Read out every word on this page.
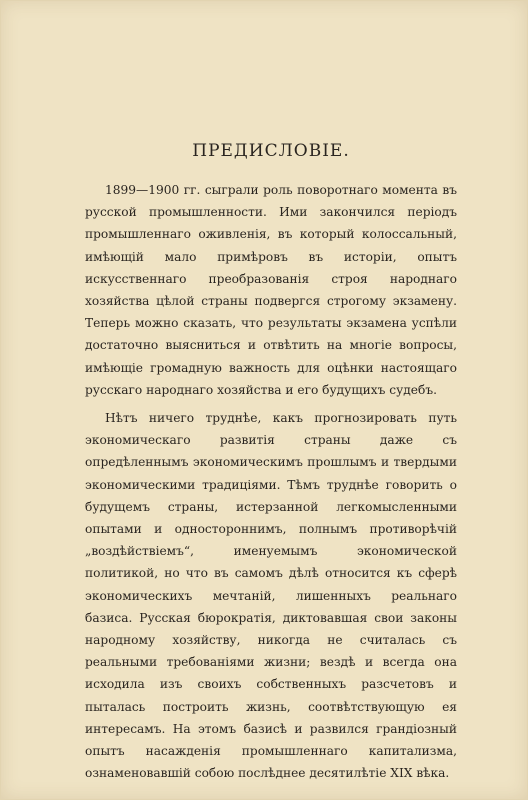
ПРЕДИСЛОВІЕ.

1899—1900 гг. сыграли роль поворотнаго момента въ русской промышленности. Ими закончился періодъ промышленнаго оживленія, въ который колоссальный, имѣющій мало примѣровъ въ исторіи, опытъ искусственнаго преобразованія строя народнаго хозяйства цѣлой страны подвергся строгому экзамену. Теперь можно сказать, что результаты экзамена успѣли достаточно выясниться и отвѣтить на многіе вопросы, имѣющіе громадную важность для оцѣнки настоящаго русскаго народнаго хозяйства и его будущихъ судебъ.

Нѣтъ ничего труднѣе, какъ прогнозировать путь экономическаго развитія страны даже съ опредѣленнымъ экономическимъ прошлымъ и твердыми экономическими традиціями. Тѣмъ труднѣе говорить о будущемъ страны, истерзанной легкомысленными опытами и одностороннимъ, полнымъ противорѣчій „воздѣйствіемъ“, именуемымъ экономической политикой, но что въ самомъ дѣлѣ относится къ сферѣ экономическихъ мечтаній, лишенныхъ реальнаго базиса. Русская бюрократія, диктовавшая свои законы народному хозяйству, никогда не считалась съ реальными требованіями жизни; вездѣ и всегда она исходила изъ своихъ собственныхъ разсчетовъ и пыталась построить жизнь, соотвѣтствующую ея интересамъ. На этомъ базисѣ и развился грандіозный опытъ насажденія промышленнаго капитализма, ознаменовавшій собою послѣднее десятилѣтіе XIX вѣка.
